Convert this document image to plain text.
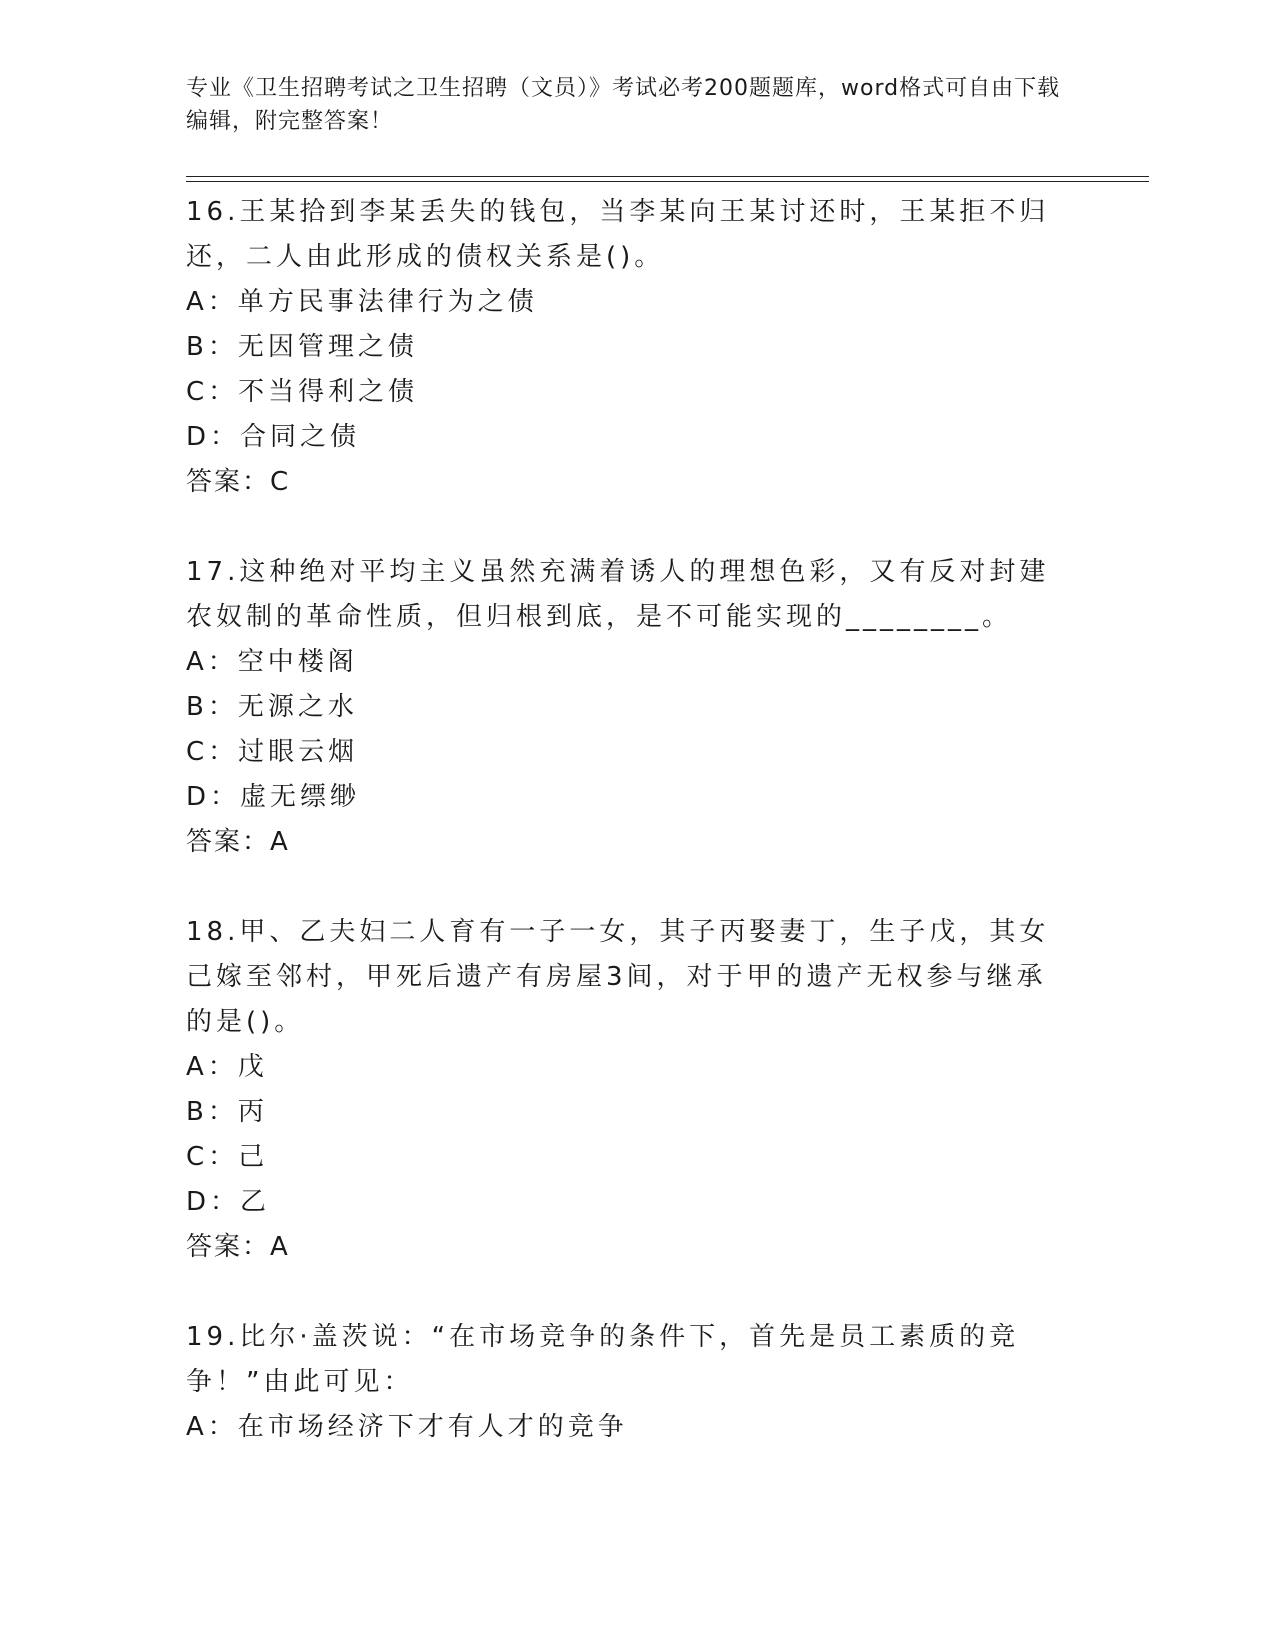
专业《卫生招聘考试之卫生招聘（文员）》考试必考200题题库，word格式可自由下载编辑，附完整答案！
16.王某拾到李某丢失的钱包，当李某向王某讨还时，王某拒不归还，二人由此形成的债权关系是()。
A：单方民事法律行为之债
B：无因管理之债
C：不当得利之债
D：合同之债
答案：C
17.这种绝对平均主义虽然充满着诱人的理想色彩，又有反对封建农奴制的革命性质，但归根到底，是不可能实现的________。
A：空中楼阁
B：无源之水
C：过眼云烟
D：虚无缥缈
答案：A
18.甲、乙夫妇二人育有一子一女，其子丙娶妻丁，生子戊，其女己嫁至邻村，甲死后遗产有房屋3间，对于甲的遗产无权参与继承的是()。
A：戊
B：丙
C：己
D：乙
答案：A
19.比尔·盖茨说：“在市场竞争的条件下，首先是员工素质的竞争！”由此可见：
A：在市场经济下才有人才的竞争
